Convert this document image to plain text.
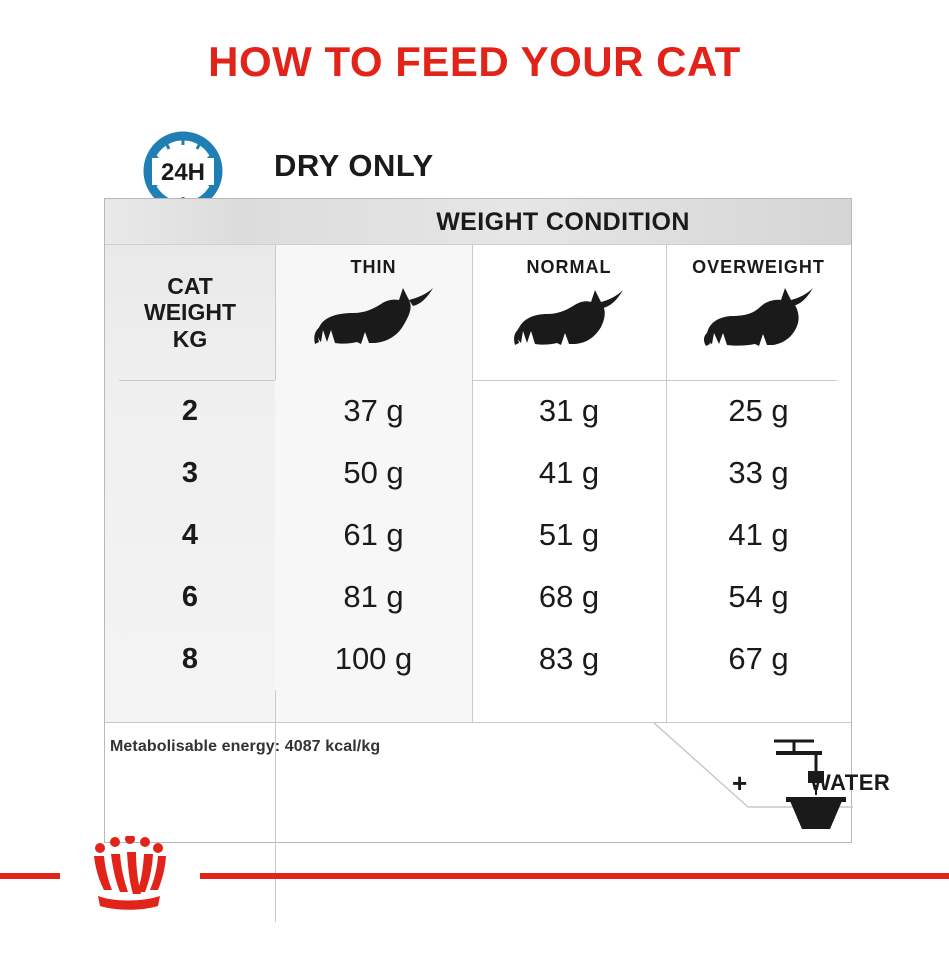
HOW TO FEED YOUR CAT
24H DRY ONLY
WEIGHT CONDITION
CAT
WEIGHT
KG
THIN	NORMAL	OVERWEIGHT
2	37 g	31 g	25 g
3	50 g	41 g	33 g
4	61 g	51 g	41 g
6	81 g	68 g	54 g
8	100 g	83 g	67 g
Metabolisable energy: 4087 kcal/kg
+	WATER
